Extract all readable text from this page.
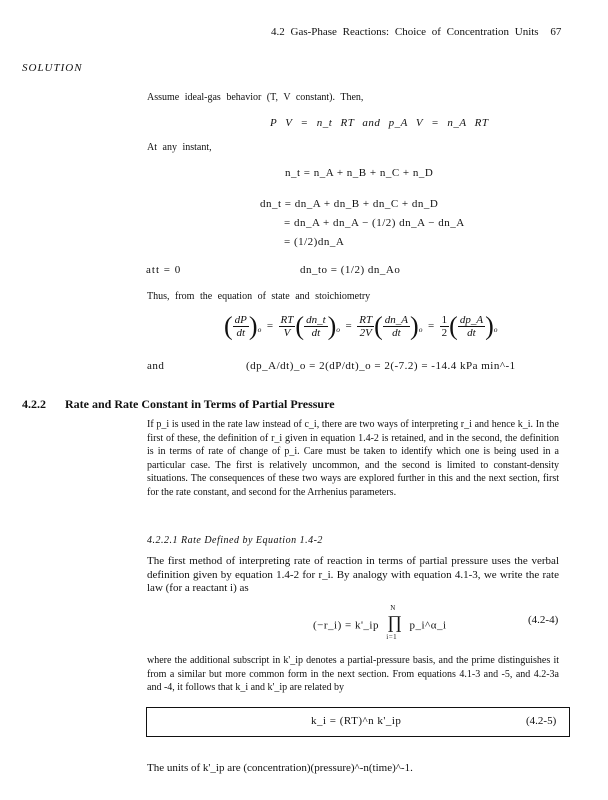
4.2 Gas-Phase Reactions: Choice of Concentration Units 67
SOLUTION
Assume ideal-gas behavior (T, V constant). Then,
P V = n_t RT and p_A V = n_A RT
At any instant,
n_t = n_A + n_B + n_C + n_D
dn_t = dn_A + dn_B + dn_C + dn_D
= dn_A + dn_A − (1/2) dn_A − dn_A
= (1/2)dn_A
att = 0	dn_to = (1/2) dn_Ao
Thus, from the equation of state and stoichiometry
( $\frac{dP}{dt} )_o = \frac{RT}{V}$ ( $\frac{dn\_t}{dt} )_o = \frac{RT}{2V}$ ( $\frac{dn\_A}{dt} )_o = \frac{1}{2}$ ( $\frac{dp\_A}{dt} )_o$
and	(dp_A/dt)_o = 2(dP/dt)_o = 2(-7.2) = -14.4 kPa min^-1
4.2.2 Rate and Rate Constant in Terms of Partial Pressure
If p_i is used in the rate law instead of c_i, there are two ways of interpreting r_i and hence k_i. In the first of these, the definition of r_i given in equation 1.4-2 is retained, and in the second, the definition is in terms of rate of change of p_i. Care must be taken to identify which one is being used in a particular case. The first is relatively uncommon, and the second is limited to constant-density situations. The consequences of these two ways are explored further in this and the next section, first for the rate constant, and second for the Arrhenius parameters.
4.2.2.1 Rate Defined by Equation 1.4-2
The first method of interpreting rate of reaction in terms of partial pressure uses the verbal definition given by equation 1.4-2 for r_i. By analogy with equation 4.1-3, we write the rate law (for a reactant i) as
(−r_i) = k'_ip
N
∏
i=1
p_i^α_i	(4.2-4)
where the additional subscript in k'_ip denotes a partial-pressure basis, and the prime distinguishes it from a similar but more common form in the next section. From equations 4.1-3 and -5, and 4.2-3a and -4, it follows that k_i and k'_ip are related by
k_i = (RT)^n k'_ip	(4.2-5)
The units of k'_ip are (concentration)(pressure)^-n(time)^-1.
